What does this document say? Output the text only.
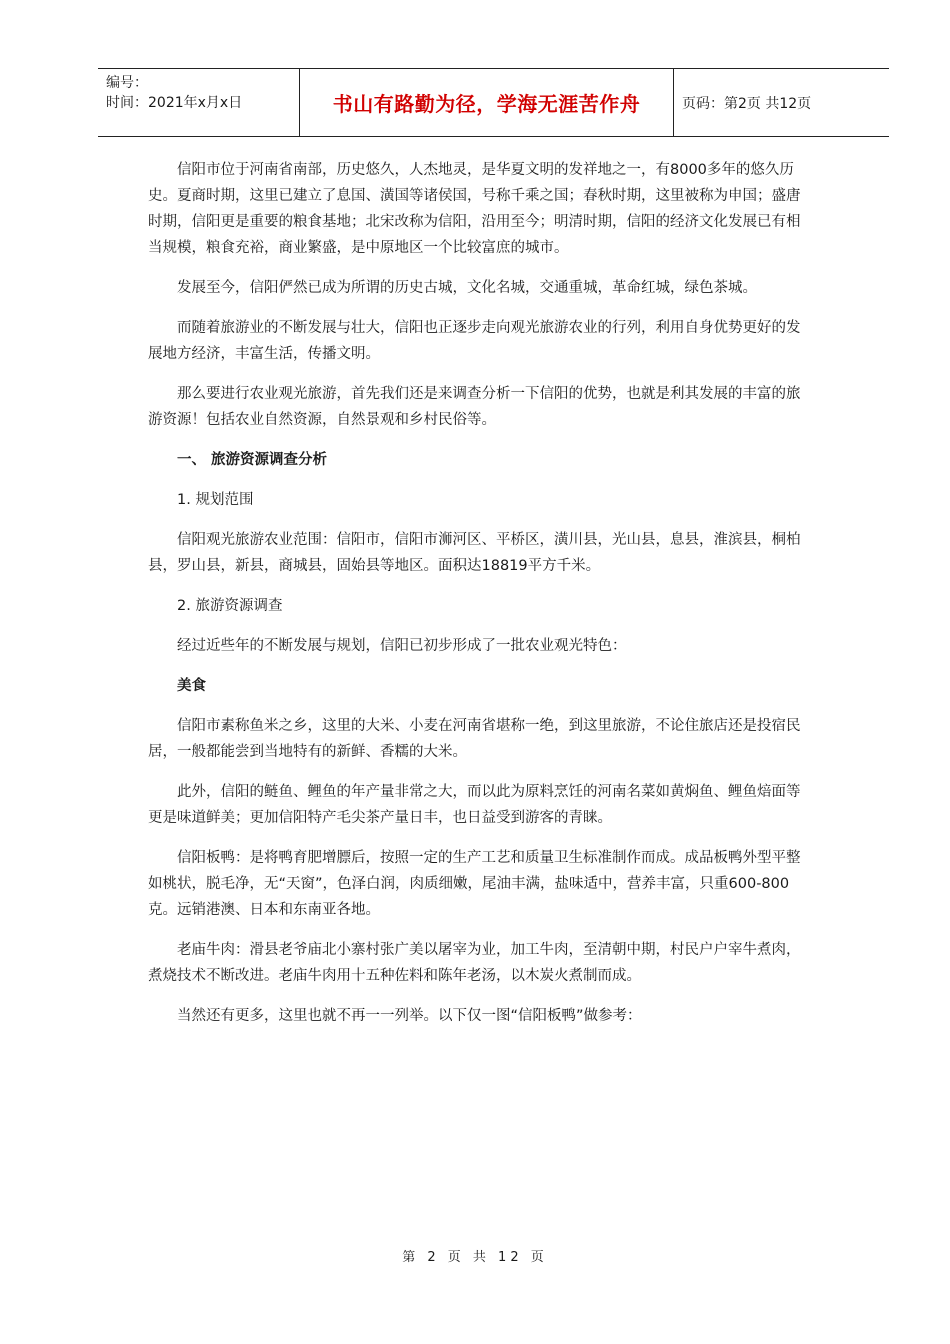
编号：
时间：2021年x月x日	书山有路勤为径，学海无涯苦作舟	页码：第2页 共12页

信阳市位于河南省南部，历史悠久，人杰地灵，是华夏文明的发祥地之一，有8000多年的悠久历史。夏商时期，这里已建立了息国、潢国等诸侯国，号称千乘之国；春秋时期，这里被称为申国；盛唐时期，信阳更是重要的粮食基地；北宋改称为信阳，沿用至今；明清时期，信阳的经济文化发展已有相当规模，粮食充裕，商业繁盛，是中原地区一个比较富庶的城市。

发展至今，信阳俨然已成为所谓的历史古城，文化名城，交通重城，革命红城，绿色茶城。

而随着旅游业的不断发展与壮大，信阳也正逐步走向观光旅游农业的行列，利用自身优势更好的发展地方经济，丰富生活，传播文明。

那么要进行农业观光旅游，首先我们还是来调查分析一下信阳的优势，也就是利其发展的丰富的旅游资源！包括农业自然资源，自然景观和乡村民俗等。

一、 旅游资源调查分析

1. 规划范围

信阳观光旅游农业范围：信阳市，信阳市浉河区、平桥区，潢川县，光山县，息县，淮滨县，桐柏县，罗山县，新县，商城县，固始县等地区。面积达18819平方千米。

2. 旅游资源调查

经过近些年的不断发展与规划，信阳已初步形成了一批农业观光特色：

美食

信阳市素称鱼米之乡，这里的大米、小麦在河南省堪称一绝，到这里旅游，不论住旅店还是投宿民居，一般都能尝到当地特有的新鲜、香糯的大米。

此外，信阳的鲢鱼、鲤鱼的年产量非常之大，而以此为原料烹饪的河南名菜如黄焖鱼、鲤鱼焙面等更是味道鲜美；更加信阳特产毛尖茶产量日丰，也日益受到游客的青睐。

信阳板鸭：是将鸭育肥增膘后，按照一定的生产工艺和质量卫生标准制作而成。成品板鸭外型平整如桃状，脱毛净，无“天窗”，色泽白润，肉质细嫩，尾油丰满，盐味适中，营养丰富，只重600-800克。远销港澳、日本和东南亚各地。

老庙牛肉：滑县老爷庙北小寨村张广美以屠宰为业，加工牛肉，至清朝中期，村民户户宰牛煮肉，煮烧技术不断改进。老庙牛肉用十五种佐料和陈年老汤，以木炭火煮制而成。

当然还有更多，这里也就不再一一列举。以下仅一图“信阳板鸭”做参考：

第 2 页 共 12 页
